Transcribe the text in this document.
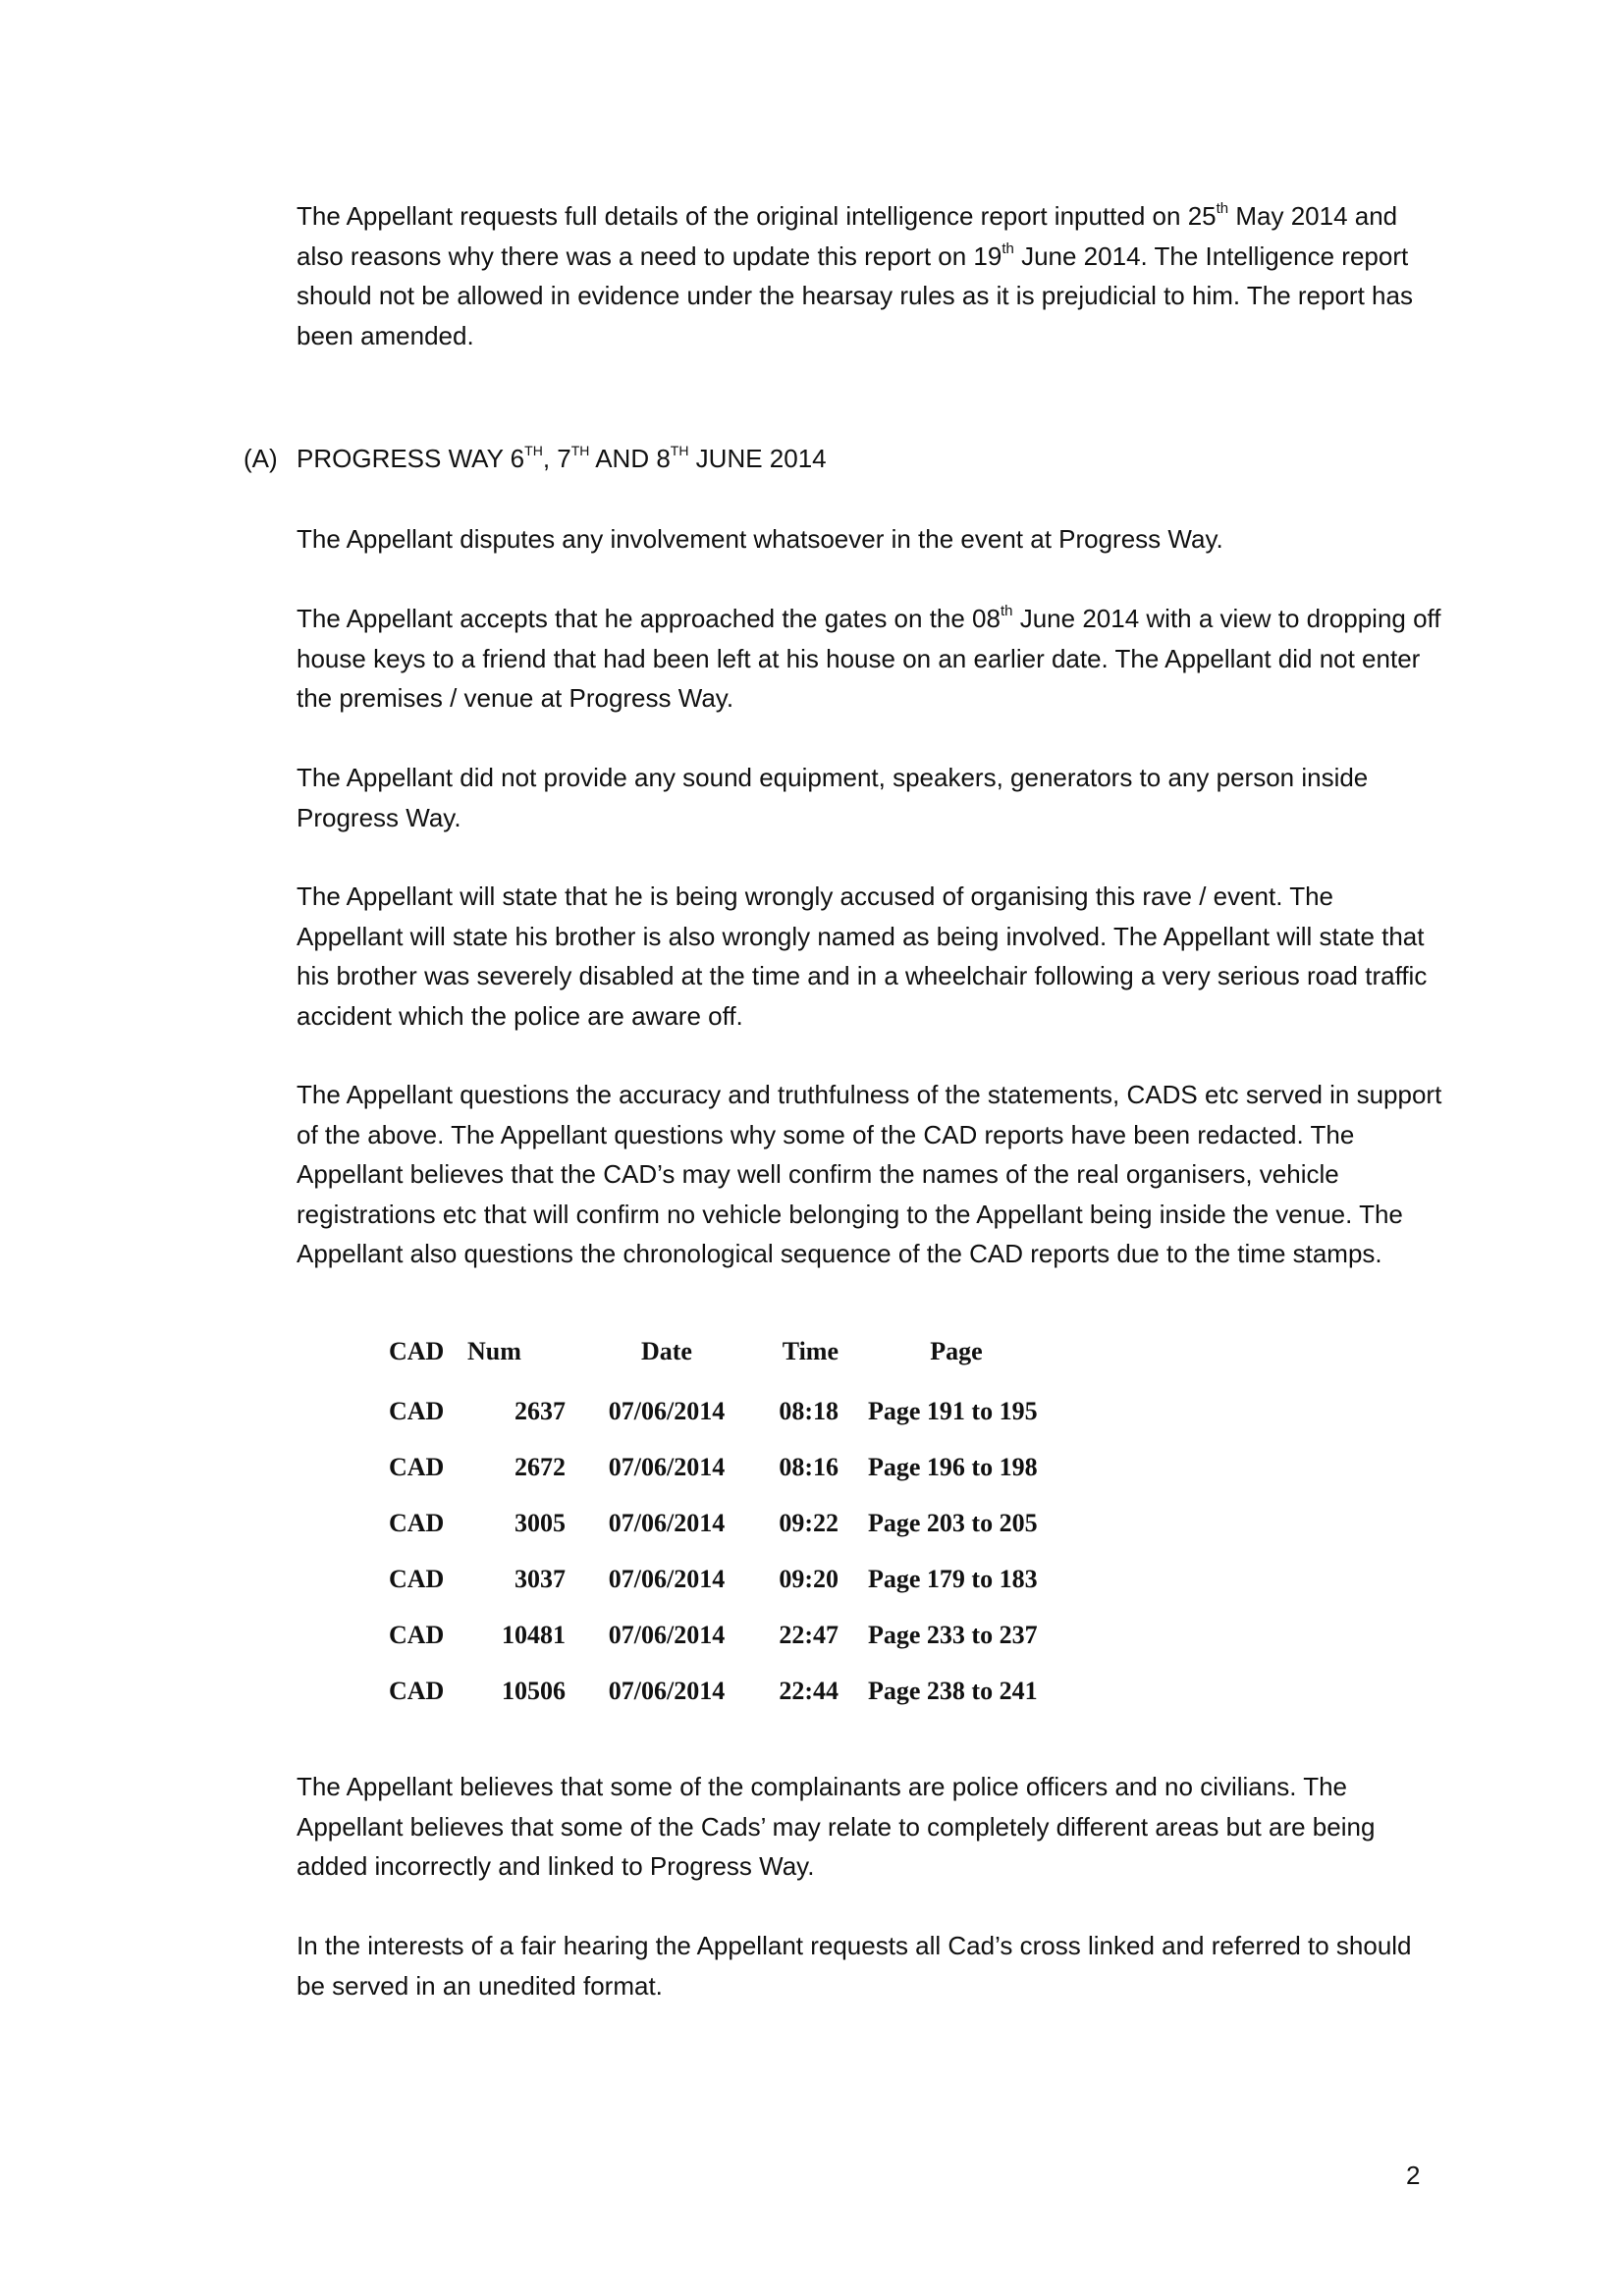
The Appellant requests full details of the original intelligence report inputted on 25th May 2014 and also reasons why there was a need to update this report on 19th June 2014. The Intelligence report should not be allowed in evidence under the hearsay rules as it is prejudicial to him. The report has been amended.

(A) PROGRESS WAY 6TH, 7TH AND 8TH JUNE 2014

The Appellant disputes any involvement whatsoever in the event at Progress Way.

The Appellant accepts that he approached the gates on the 08th June 2014 with a view to dropping off house keys to a friend that had been left at his house on an earlier date. The Appellant did not enter the premises / venue at Progress Way.

The Appellant did not provide any sound equipment, speakers, generators to any person inside Progress Way.

The Appellant will state that he is being wrongly accused of organising this rave / event. The Appellant will state his brother is also wrongly named as being involved. The Appellant will state that his brother was severely disabled at the time and in a wheelchair following a very serious road traffic accident which the police are aware off.

The Appellant questions the accuracy and truthfulness of the statements, CADS etc served in support of the above. The Appellant questions why some of the CAD reports have been redacted. The Appellant believes that the CAD’s may well confirm the names of the real organisers, vehicle registrations etc that will confirm no vehicle belonging to the Appellant being inside the venue. The Appellant also questions the chronological sequence of the CAD reports due to the time stamps.

CAD	Num	Date	Time	Page
CAD	2637	07/06/2014	08:18	Page 191 to 195
CAD	2672	07/06/2014	08:16	Page 196 to 198
CAD	3005	07/06/2014	09:22	Page 203 to 205
CAD	3037	07/06/2014	09:20	Page 179 to 183
CAD	10481	07/06/2014	22:47	Page 233 to 237
CAD	10506	07/06/2014	22:44	Page 238 to 241

The Appellant believes that some of the complainants are police officers and no civilians. The Appellant believes that some of the Cads’ may relate to completely different areas but are being added incorrectly and linked to Progress Way.

In the interests of a fair hearing the Appellant requests all Cad’s cross linked and referred to should be served in an unedited format.

2
